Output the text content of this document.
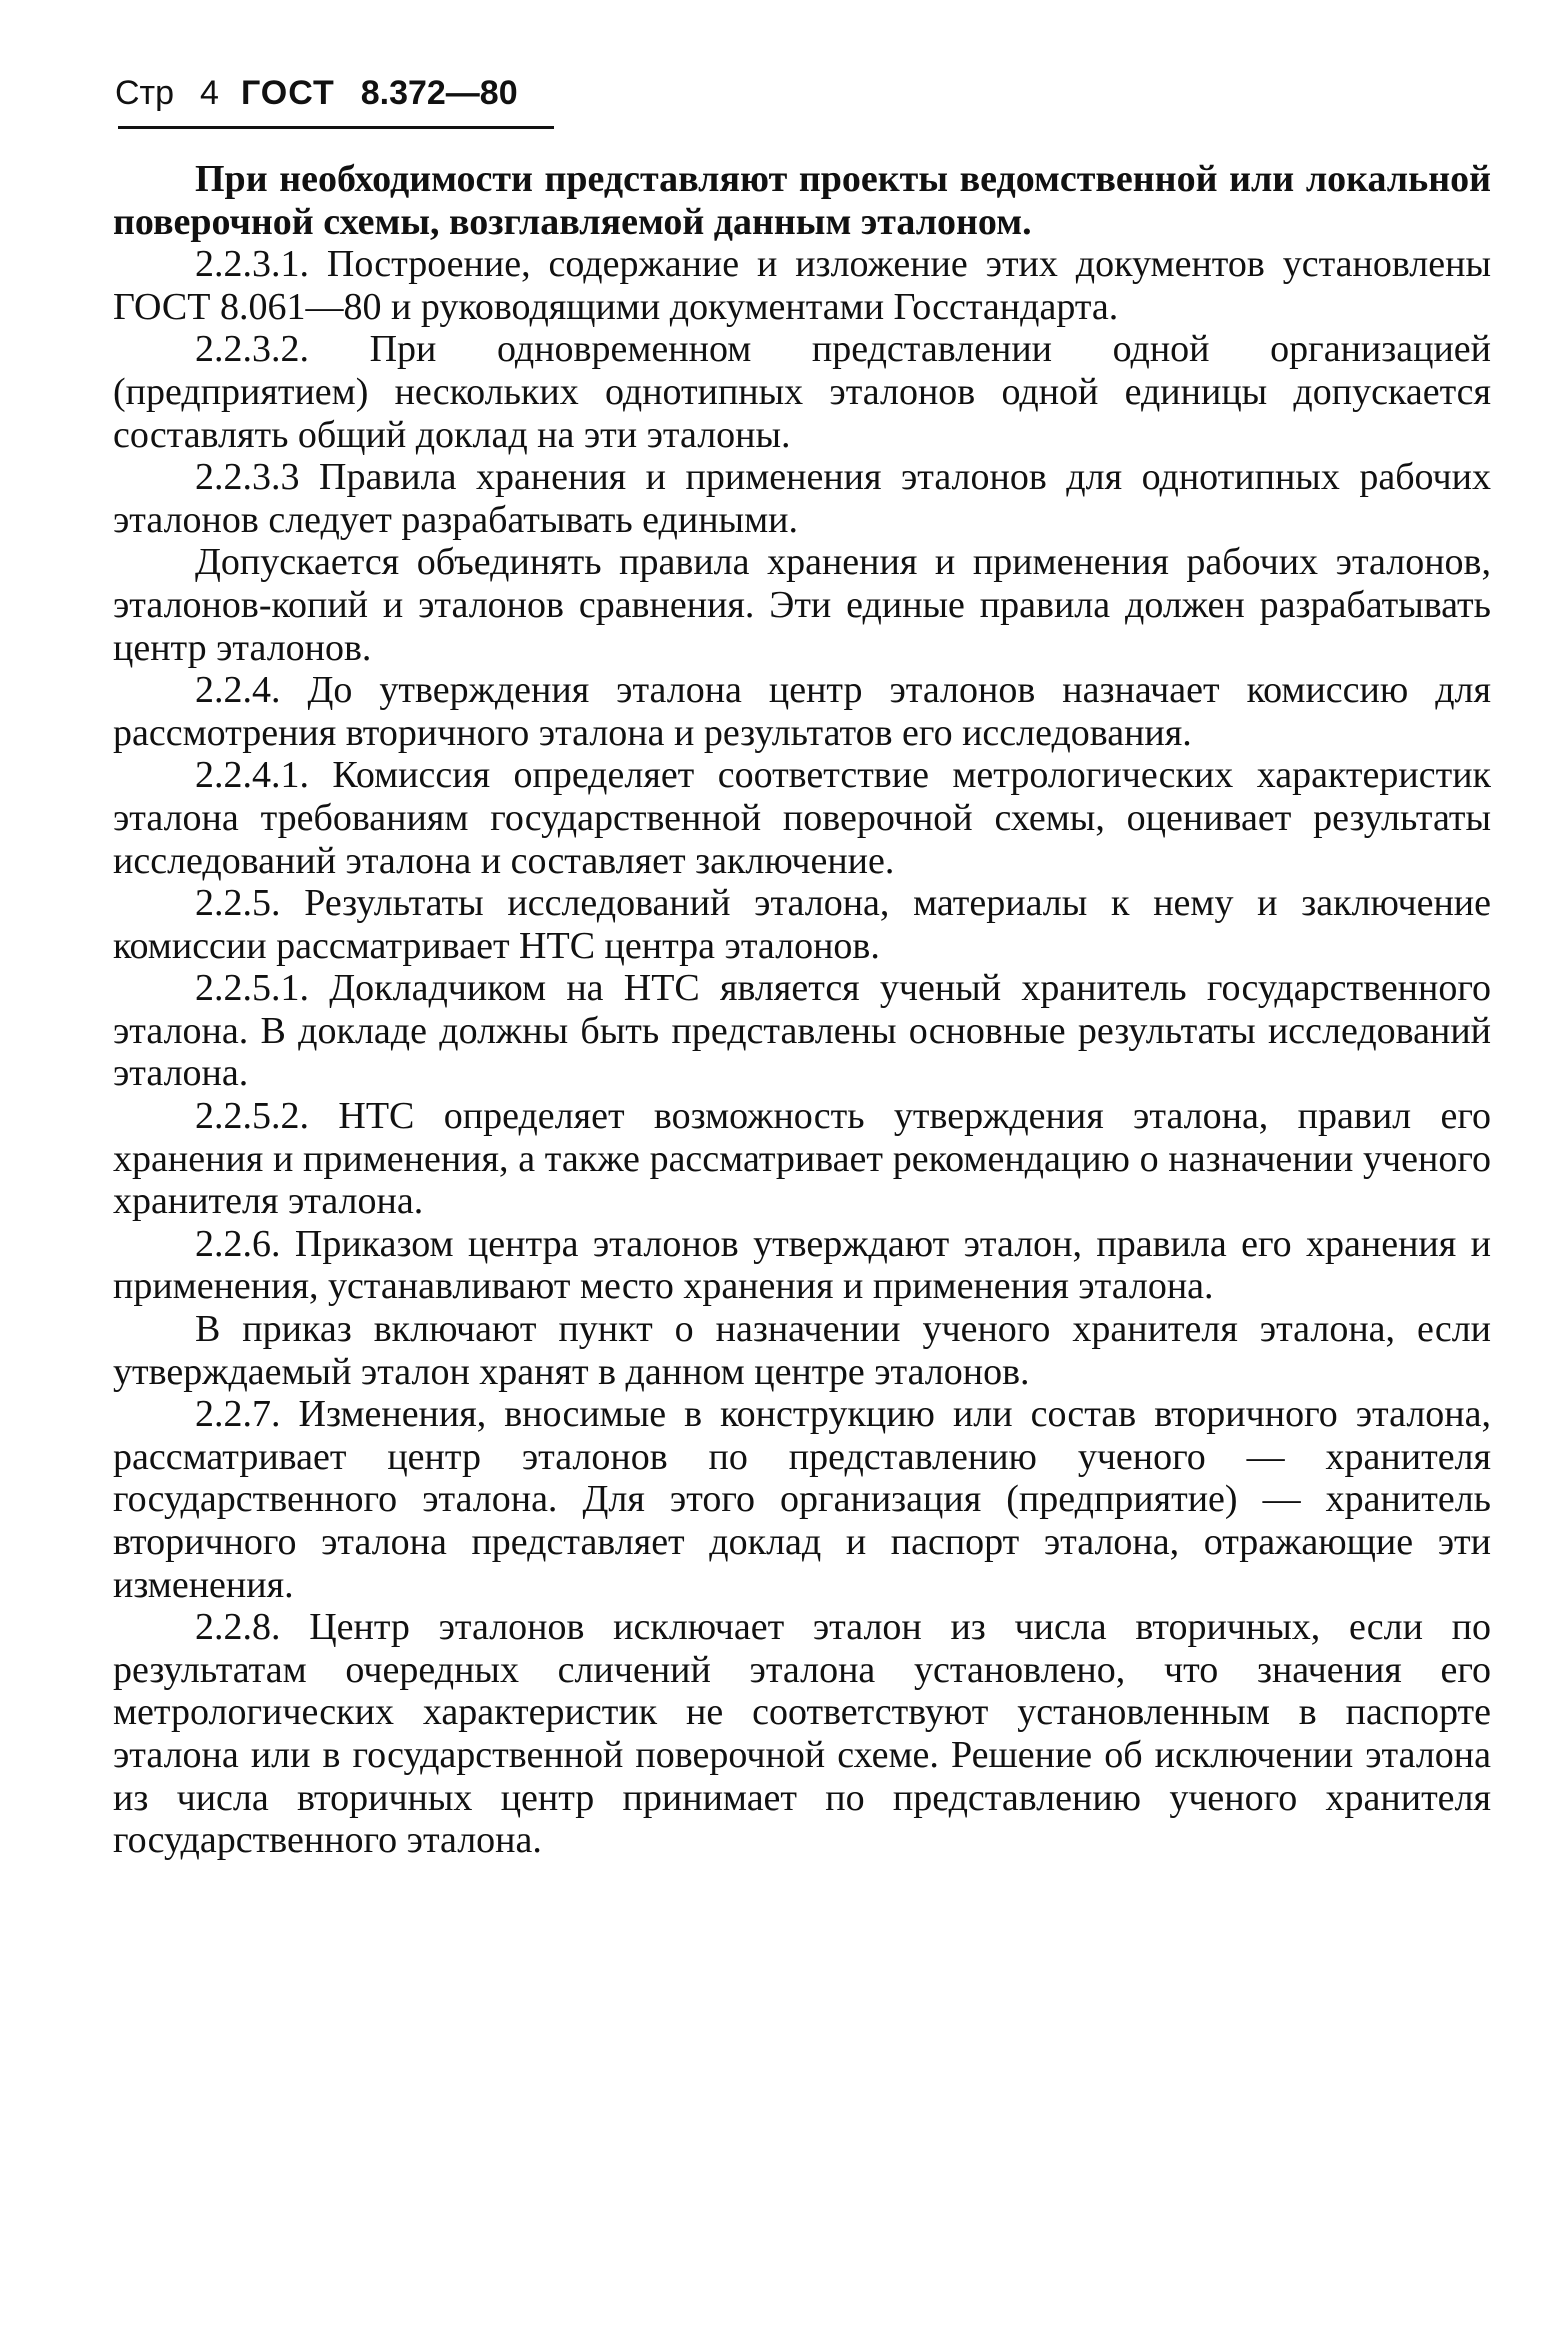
Стр 4 ГОСТ 8.372—80

При необходимости представляют проекты ведомственной или локальной поверочной схемы, возглавляемой данным эталоном.

2.2.3.1. Построение, содержание и изложение этих документов установлены ГОСТ 8.061—80 и руководящими документами Госстандарта.

2.2.3.2. При одновременном представлении одной организацией (предприятием) нескольких однотипных эталонов одной единицы допускается составлять общий доклад на эти эталоны.

2.2.3.3 Правила хранения и применения эталонов для однотипных рабочих эталонов следует разрабатывать едиными.

Допускается объединять правила хранения и применения рабочих эталонов, эталонов-копий и эталонов сравнения. Эти единые правила должен разрабатывать центр эталонов.

2.2.4. До утверждения эталона центр эталонов назначает комиссию для рассмотрения вторичного эталона и результатов его исследования.

2.2.4.1. Комиссия определяет соответствие метрологических характеристик эталона требованиям государственной поверочной схемы, оценивает результаты исследований эталона и составляет заключение.

2.2.5. Результаты исследований эталона, материалы к нему и заключение комиссии рассматривает НТС центра эталонов.

2.2.5.1. Докладчиком на НТС является ученый хранитель государственного эталона. В докладе должны быть представлены основные результаты исследований эталона.

2.2.5.2. НТС определяет возможность утверждения эталона, правил его хранения и применения, а также рассматривает рекомендацию о назначении ученого хранителя эталона.

2.2.6. Приказом центра эталонов утверждают эталон, правила его хранения и применения, устанавливают место хранения и применения эталона.

В приказ включают пункт о назначении ученого хранителя эталона, если утверждаемый эталон хранят в данном центре эталонов.

2.2.7. Изменения, вносимые в конструкцию или состав вторичного эталона, рассматривает центр эталонов по представлению ученого — хранителя государственного эталона. Для этого организация (предприятие) — хранитель вторичного эталона представляет доклад и паспорт эталона, отражающие эти изменения.

2.2.8. Центр эталонов исключает эталон из числа вторичных, если по результатам очередных сличений эталона установлено, что значения его метрологических характеристик не соответствуют установленным в паспорте эталона или в государственной поверочной схеме. Решение об исключении эталона из числа вторичных центр принимает по представлению ученого хранителя государственного эталона.
